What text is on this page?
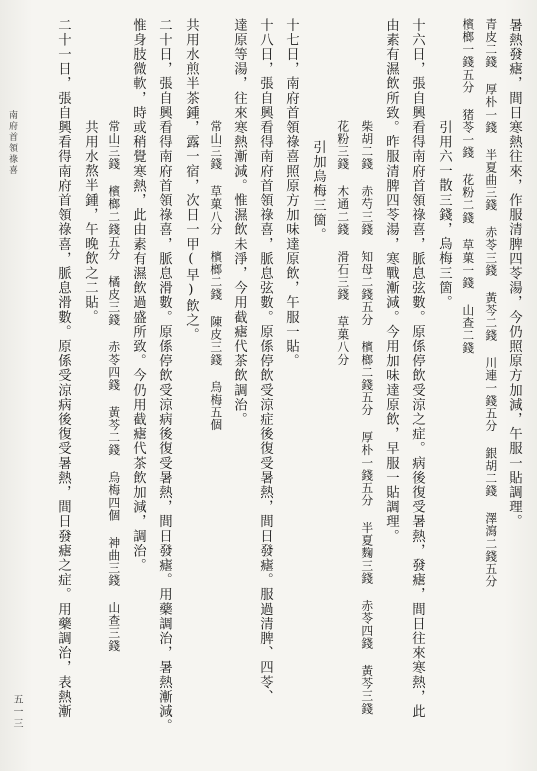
暑熱發瘧，間日寒熱往來，作服清脾四苓湯，今仍照原方加減，午服一貼調理。
青皮二錢 厚朴一錢 半夏曲三錢 赤苓三錢 黃芩二錢 川連一錢五分 銀胡二錢 澤瀉二錢五分
檳榔一錢五分 猪苓一錢 花粉二錢 草菓一錢 山查二錢
引用六一散三錢，烏梅三箇。
十六日，張自興看得南府首領祿喜，脈息弦數。原係停飲受涼之症。病後復受暑熱，發瘧，間日往來寒熱，此
由素有濕飲所致。昨服清脾四苓湯，寒戰漸減。今用加味達原飲，早服一貼調理。
柴胡二錢 赤芍三錢 知母二錢五分 檳榔二錢五分 厚朴一錢五分 半夏麴三錢 赤苓四錢 黃芩三錢
花粉三錢 木通二錢 滑石三錢 草菓八分
引加烏梅三箇。
十七日，南府首領祿喜照原方加味達原飲，午服一貼。
十八日，張自興看得南府首領祿喜，脈息弦數。原係停飲受涼症後復受暑熱，間日發瘧。服過清脾、四苓、
達原等湯，往來寒熱漸減。惟濕飲未淨，今用截瘧代茶飲調治。
常山三錢 草菓八分 檳榔二錢 陳皮三錢 烏梅五個
共用水煎半茶鍾，露一宿，次日一甲(早)飲之。
二十日，張自興看得南府首領祿喜，脈息滑數。原係停飲受涼病後復受暑熱，間日發瘧。用藥調治，暑熱漸減。
惟身肢微軟，時或稍覺寒熱，此由素有濕飲過盛所致。今仍用截瘧代茶飲加減，調治。
常山三錢 檳榔二錢五分 橘皮三錢 赤苓四錢 黃芩二錢 烏梅四個 神曲三錢 山查三錢
共用水熬半鍾，午晚飲之二貼。
二十一日，張自興看得南府首領祿喜，脈息滑數。原係受涼病後復受暑熱，間日發瘧之症。用藥調治，表熱漸
南府首領祿喜
五一三
